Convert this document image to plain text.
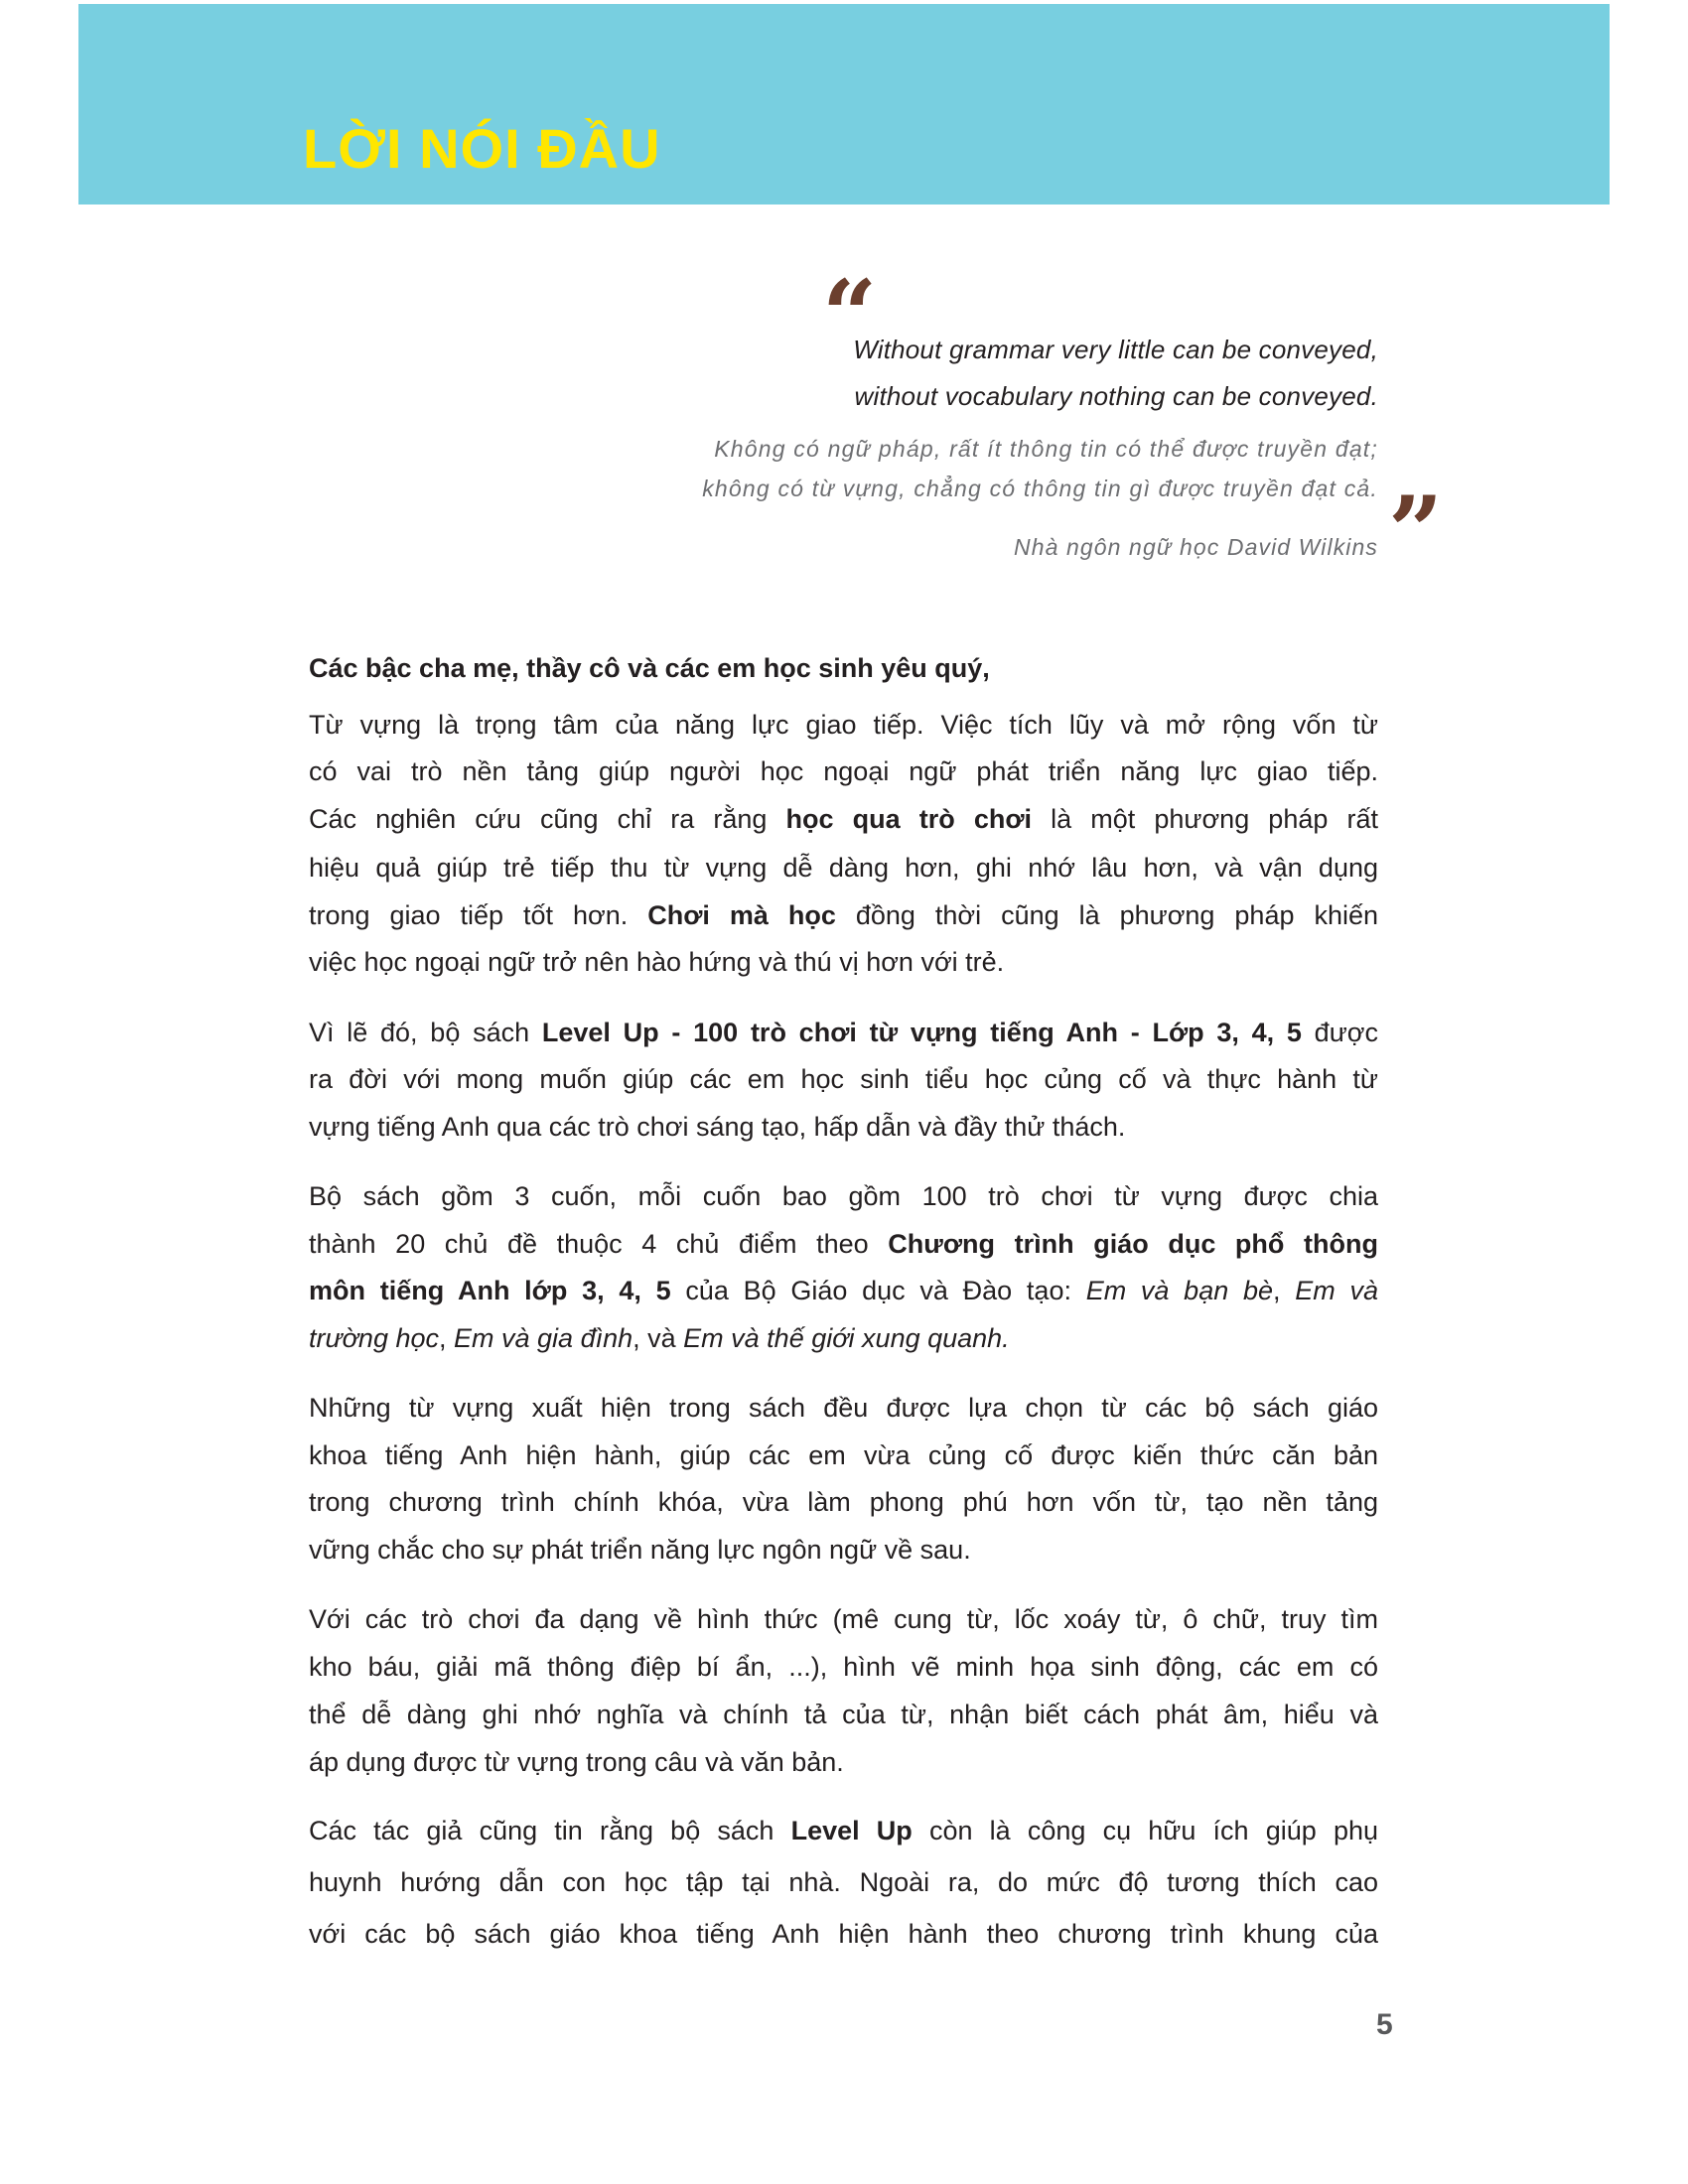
LỜI NÓI ĐẦU
“
”
Without grammar very little can be conveyed,
without vocabulary nothing can be conveyed.
Không có ngữ pháp, rất ít thông tin có thể được truyền đạt;
không có từ vựng, chẳng có thông tin gì được truyền đạt cả.
Nhà ngôn ngữ học David Wilkins
Các bậc cha mẹ, thầy cô và các em học sinh yêu quý,
Từ vựng là trọng tâm của năng lực giao tiếp. Việc tích lũy và mở rộng vốn từ
có vai trò nền tảng giúp người học ngoại ngữ phát triển năng lực giao tiếp.
Các nghiên cứu cũng chỉ ra rằng học qua trò chơi là một phương pháp rất
hiệu quả giúp trẻ tiếp thu từ vựng dễ dàng hơn, ghi nhớ lâu hơn, và vận dụng
trong giao tiếp tốt hơn. Chơi mà học đồng thời cũng là phương pháp khiến
việc học ngoại ngữ trở nên hào hứng và thú vị hơn với trẻ.
Vì lẽ đó, bộ sách Level Up - 100 trò chơi từ vựng tiếng Anh - Lớp 3, 4, 5 được
ra đời với mong muốn giúp các em học sinh tiểu học củng cố và thực hành từ
vựng tiếng Anh qua các trò chơi sáng tạo, hấp dẫn và đầy thử thách.
Bộ sách gồm 3 cuốn, mỗi cuốn bao gồm 100 trò chơi từ vựng được chia
thành 20 chủ đề thuộc 4 chủ điểm theo Chương trình giáo dục phổ thông
môn tiếng Anh lớp 3, 4, 5 của Bộ Giáo dục và Đào tạo: Em và bạn bè, Em và
trường học, Em và gia đình, và Em và thế giới xung quanh.
Những từ vựng xuất hiện trong sách đều được lựa chọn từ các bộ sách giáo
khoa tiếng Anh hiện hành, giúp các em vừa củng cố được kiến thức căn bản
trong chương trình chính khóa, vừa làm phong phú hơn vốn từ, tạo nền tảng
vững chắc cho sự phát triển năng lực ngôn ngữ về sau.
Với các trò chơi đa dạng về hình thức (mê cung từ, lốc xoáy từ, ô chữ, truy tìm
kho báu, giải mã thông điệp bí ẩn, ...), hình vẽ minh họa sinh động, các em có
thể dễ dàng ghi nhớ nghĩa và chính tả của từ, nhận biết cách phát âm, hiểu và
áp dụng được từ vựng trong câu và văn bản.
Các tác giả cũng tin rằng bộ sách Level Up còn là công cụ hữu ích giúp phụ
huynh hướng dẫn con học tập tại nhà. Ngoài ra, do mức độ tương thích cao
với các bộ sách giáo khoa tiếng Anh hiện hành theo chương trình khung của
5
